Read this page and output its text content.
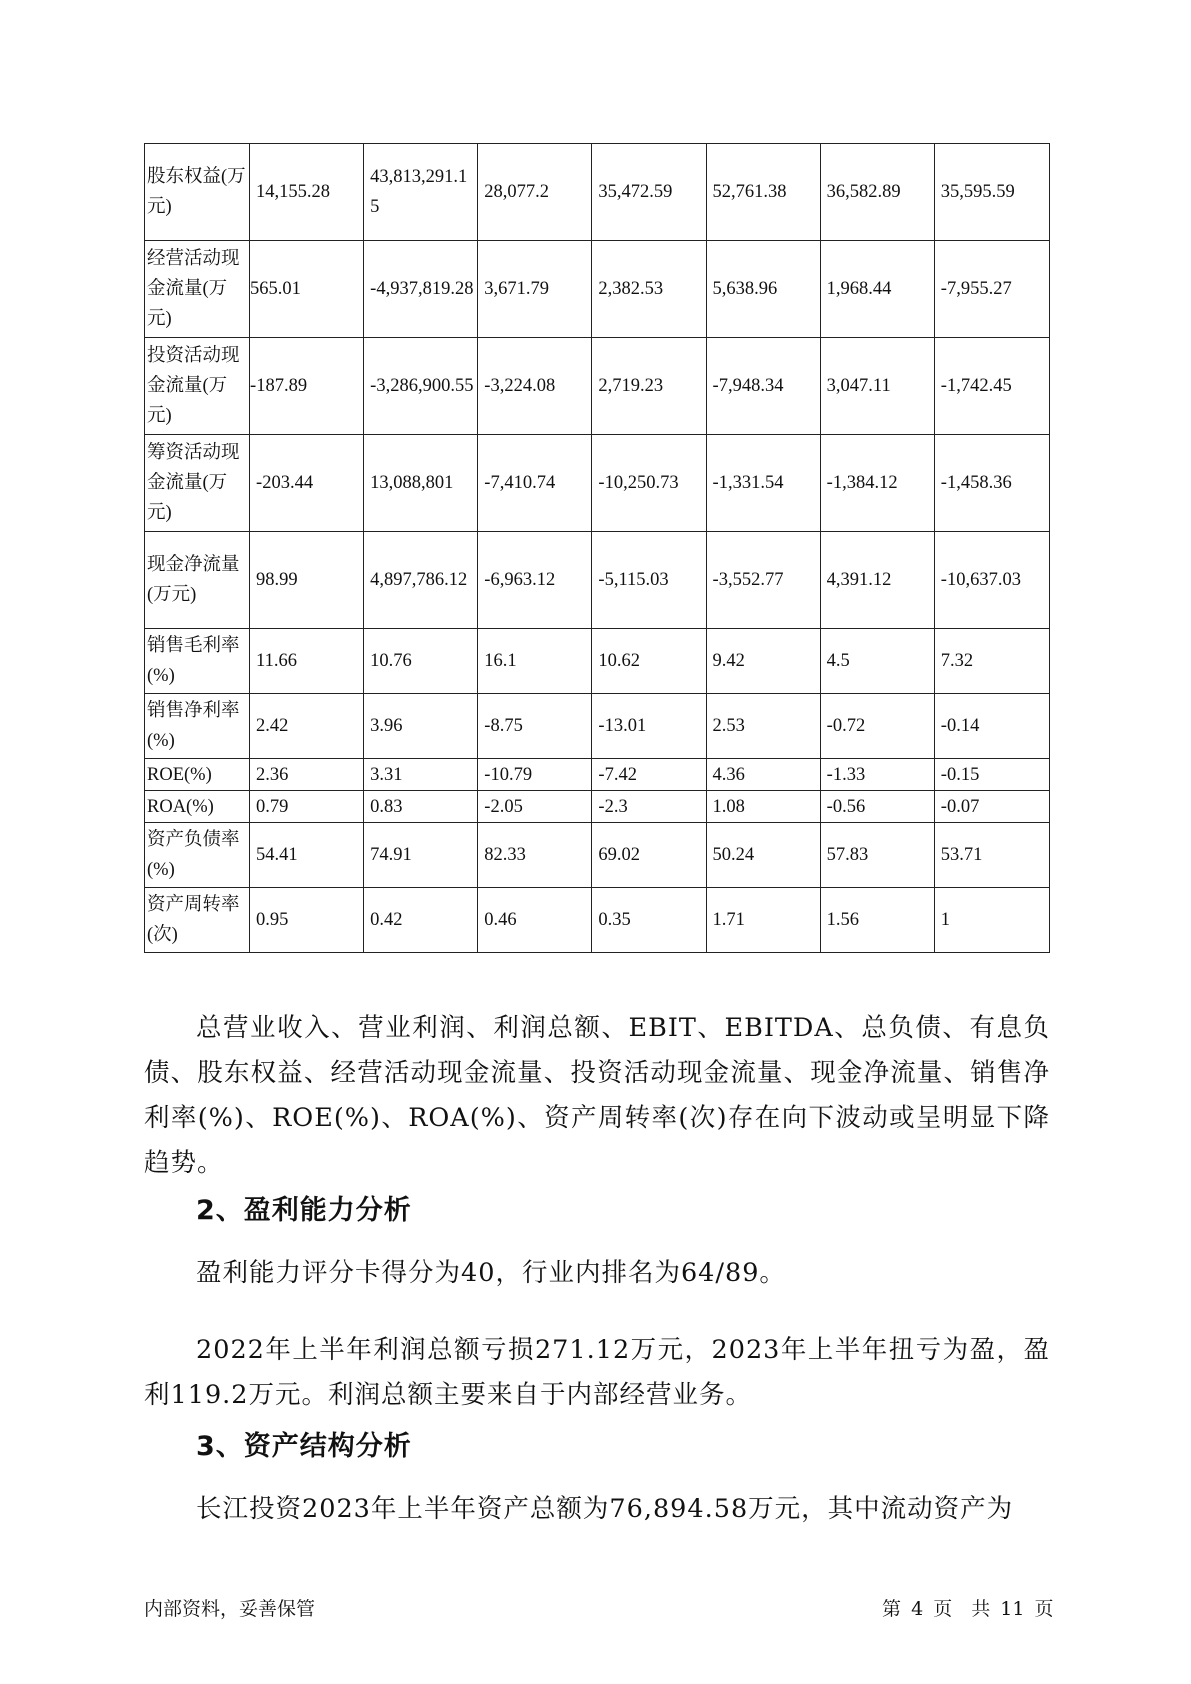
股东权益(万元)	14,155.28	43,813,291.15	28,077.2	35,472.59	52,761.38	36,582.89	35,595.59
经营活动现金流量(万元)	565.01	-4,937,819.28	3,671.79	2,382.53	5,638.96	1,968.44	-7,955.27
投资活动现金流量(万元)	-187.89	-3,286,900.55	-3,224.08	2,719.23	-7,948.34	3,047.11	-1,742.45
筹资活动现金流量(万元)	-203.44	13,088,801	-7,410.74	-10,250.73	-1,331.54	-1,384.12	-1,458.36
现金净流量(万元)	98.99	4,897,786.12	-6,963.12	-5,115.03	-3,552.77	4,391.12	-10,637.03
销售毛利率(%)	11.66	10.76	16.1	10.62	9.42	4.5	7.32
销售净利率(%)	2.42	3.96	-8.75	-13.01	2.53	-0.72	-0.14
ROE(%)	2.36	3.31	-10.79	-7.42	4.36	-1.33	-0.15
ROA(%)	0.79	0.83	-2.05	-2.3	1.08	-0.56	-0.07
资产负债率(%)	54.41	74.91	82.33	69.02	50.24	57.83	53.71
资产周转率(次)	0.95	0.42	0.46	0.35	1.71	1.56	1

总营业收入、营业利润、利润总额、EBIT、EBITDA、总负债、有息负债、股东权益、经营活动现金流量、投资活动现金流量、现金净流量、销售净利率(%)、ROE(%)、ROA(%)、资产周转率(次)存在向下波动或呈明显下降趋势。

2、盈利能力分析

盈利能力评分卡得分为40，行业内排名为64/89。

2022年上半年利润总额亏损271.12万元，2023年上半年扭亏为盈，盈利119.2万元。利润总额主要来自于内部经营业务。

3、资产结构分析

长江投资2023年上半年资产总额为76,894.58万元，其中流动资产为

内部资料，妥善保管	第 4 页　共 11 页
